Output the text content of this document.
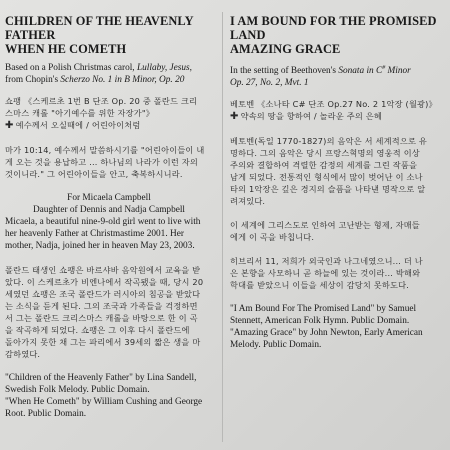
CHILDREN OF THE HEAVENLY

FATHER

WHEN HE COMETH

Based on a Polish Christmas carol, Lullaby, Jesus,

from Chopin's Scherzo No. 1 in B Minor, Op. 20

쇼팽 《스케르초 1번 B 단조 Op. 20 중 폴란드 크리

스마스 캐롤 "아기예수를 위한 자장가"》

✚ 예수께서 오실때에 / 어린아이처럼

마가 10:14, 예수께서 말씀하시기를 "어린아이들이 내

게 오는 것을 용납하고 ... 하나님의 나라가 이런 자의

것이니라." 그 어린아이들을 안고, 축복하시니라.

For Micaela Campbell

Daughter of Dennis and Nadja Campbell

Micaela, a beautiful nine-9-old girl went to live with

her heavenly Father at Christmastime 2001. Her

mother, Nadja, joined her in heaven May 23, 2003.

폴란드 태생인 쇼팽은 바르샤바 음악원에서 교육을 받

았다. 이 스케르초가 비엔나에서 작곡됐을 때, 당시 20

세였던 쇼팽은 조국 폴란드가 러시아의 침공을 받았다

는 소식을 듣게 된다. 그의 조국과 가족들을 걱정하면

서 그는 폴란드 크리스마스 캐롤을 바탕으로 한 이 곡

을 작곡하게 되었다. 쇼팽은 그 이후 다시 폴란드에

돌아가지 못한 채 그는 파리에서 39세의 짧은 생을 마

감하였다.

"Children of the Heavenly Father" by Lina Sandell,

Swedish Folk Melody. Public Domain.

"When He Cometh" by William Cushing and George

Root. Public Domain.

I AM BOUND FOR THE PROMISED

LAND

AMAZING GRACE

In the setting of Beethoven's Sonata in C# Minor

Op. 27, No. 2, Mvt. 1

베토벤 《소나타 C# 단조 Op.27 No. 2 1악장 (월광)》

✚ 약속의 땅을 향하여 / 놀라운 주의 은혜

베토벤(독일 1770-1827)의 음악은 서 세계적으로 유

명하다. 그의 음악은 당시 프랑스혁명의 영웅적 이상

주의와 결합하여 격렬한 감정의 세계를 그린 작품을

남게 되었다. 전통적인 형식에서 많이 벗어난 이 소나

타의 1악장은 깊은 경지의 슬픔을 나타낸 명작으로 알

려져있다.

이 세계에 그리스도로 인하여 고난받는 형제, 자매들

에게 이 곡을 바칩니다.

히브리서 11, 저희가 외국인과 나그네였으니... 더 나

은 본향을 사모하니 곧 하늘에 있는 것이라... 박해와

학대를 받았으니 이들을 세상이 감당치 못하도다.

"I Am Bound For The Promised Land" by Samuel

Stennett, American Folk Hymn. Public Domain.

"Amazing Grace" by John Newton, Early American

Melody. Public Domain.
